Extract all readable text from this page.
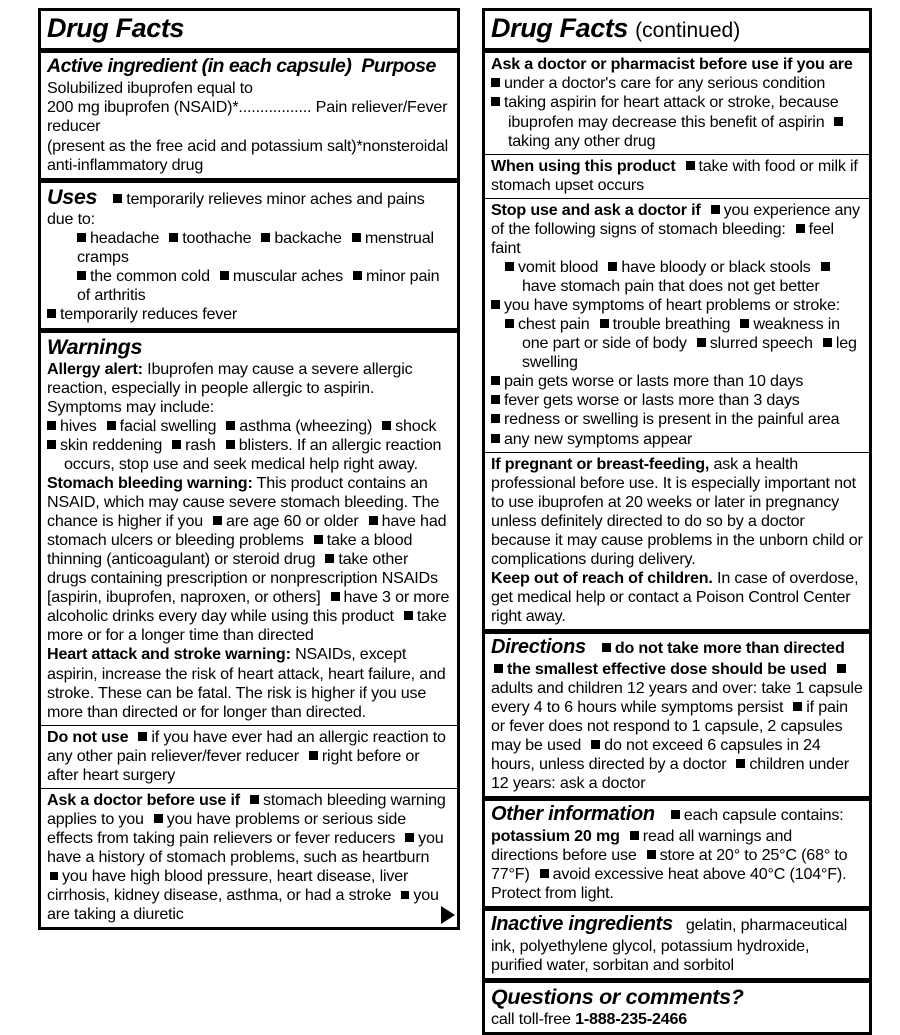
Drug Facts
Active ingredient (in each capsule) Purpose
Solubilized ibuprofen equal to
200 mg ibuprofen (NSAID)*................. Pain reliever/Fever reducer
(present as the free acid and potassium salt)*nonsteroidal
anti-inflammatory drug
Uses temporarily relieves minor aches and pains due to:
headache toothache backache menstrual cramps
the common cold muscular aches minor pain of arthritis
temporarily reduces fever
Warnings
Allergy alert: Ibuprofen may cause a severe allergic reaction, especially in people allergic to aspirin. Symptoms may include:
hives facial swelling asthma (wheezing) shock
skin reddening rash blisters. If an allergic reaction occurs, stop use and seek medical help right away.
Stomach bleeding warning: This product contains an NSAID, which may cause severe stomach bleeding. The chance is higher if you are age 60 or older have had stomach ulcers or bleeding problems take a blood thinning (anticoagulant) or steroid drug take other drugs containing prescription or nonprescription NSAIDs [aspirin, ibuprofen, naproxen, or others] have 3 or more alcoholic drinks every day while using this product take more or for a longer time than directed
Heart attack and stroke warning: NSAIDs, except aspirin, increase the risk of heart attack, heart failure, and stroke. These can be fatal. The risk is higher if you use more than directed or for longer than directed.
Do not use if you have ever had an allergic reaction to any other pain reliever/fever reducer right before or after heart surgery
Ask a doctor before use if stomach bleeding warning applies to you you have problems or serious side effects from taking pain relievers or fever reducers you have a history of stomach problems, such as heartburnyou have high blood pressure, heart disease, liver cirrhosis, kidney disease, asthma, or had a stroke you are taking a diuretic
Drug Facts (continued)
Ask a doctor or pharmacist before use if you are
under a doctor's care for any serious condition
taking aspirin for heart attack or stroke, because ibuprofen may decrease this benefit of aspirintaking any other drug
When using this product take with food or milk if stomach upset occurs
Stop use and ask a doctor if you experience any of the following signs of stomach bleeding: feel faint
vomit blood have bloody or black stoolshave stomach pain that does not get better
you have symptoms of heart problems or stroke:
chest pain trouble breathing weakness in one part or side of body slurred speech leg swelling
pain gets worse or lasts more than 10 days
fever gets worse or lasts more than 3 days
redness or swelling is present in the painful area
any new symptoms appear
If pregnant or breast-feeding, ask a health professional before use. It is especially important not to use ibuprofen at 20 weeks or later in pregnancy unless definitely directed to do so by a doctor because it may cause problems in the unborn child or complications during delivery.
Keep out of reach of children. In case of overdose, get medical help or contact a Poison Control Center right away.
Directions do not take more than directedthe smallest effective dose should be usedadults and children 12 years and over: take 1 capsule every 4 to 6 hours while symptoms persist if pain or fever does not respond to 1 capsule, 2 capsules may be used do not exceed 6 capsules in 24 hours, unless directed by a doctor children under 12 years: ask a doctor
Other information each capsule contains: potassium 20 mg read all warnings and directions before use store at 20° to 25°C (68° to 77°F) avoid excessive heat above 40°C (104°F). Protect from light.
Inactive ingredients gelatin, pharmaceutical ink, polyethylene glycol, potassium hydroxide, purified water, sorbitan and sorbitol
Questions or comments?
call toll-free 1-888-235-2466
